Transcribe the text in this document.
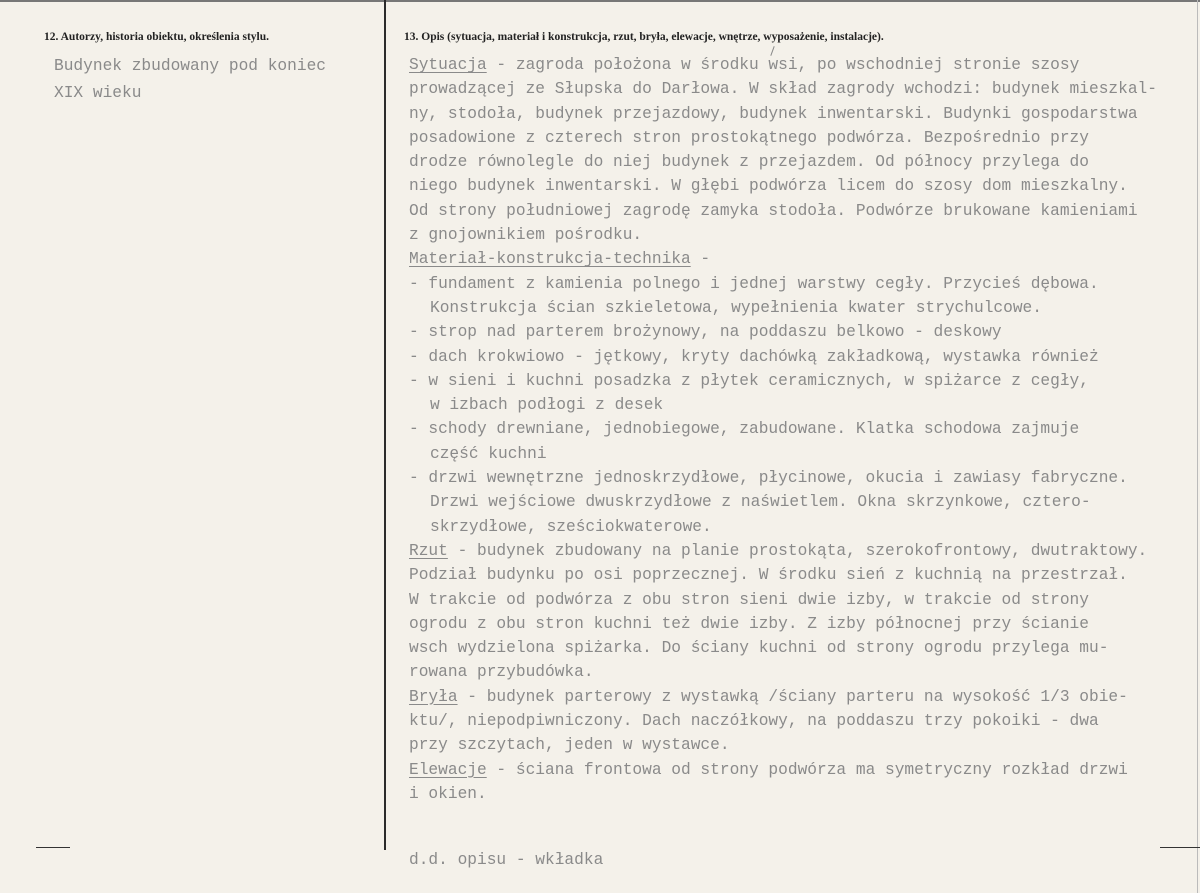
12. Autorzy, historia obiektu, określenia stylu.
Budynek zbudowany pod koniec
XIX wieku
13. Opis (sytuacja, materiał i konstrukcja, rzut, bryła, elewacje, wnętrze, wyposażenie, instalacje).
Sytuacja - zagroda położona w środku wsi, po wschodniej stronie szosy
prowadzącej ze Słupska do Darłowa. W skład zagrody wchodzi: budynek mieszkal-
ny, stodoła, budynek przejazdowy, budynek inwentarski. Budynki gospodarstwa
posadowione z czterech stron prostokątnego podwórza. Bezpośrednio przy
drodze równolegle do niej budynek z przejazdem. Od północy przylega do
niego budynek inwentarski. W głębi podwórza licem do szosy dom mieszkalny.
Od strony południowej zagrodę zamyka stodoła. Podwórze brukowane kamieniami
z gnojownikiem pośrodku.
Materiał-konstrukcja-technika -
- fundament z kamienia polnego i jednej warstwy cegły. Przycieś dębowa.
Konstrukcja ścian szkieletowa, wypełnienia kwater strychulcowe.
- strop nad parterem brożynowy, na poddaszu belkowo - deskowy
- dach krokwiowo - jętkowy, kryty dachówką zakładkową, wystawka również
- w sieni i kuchni posadzka z płytek ceramicznych, w spiżarce z cegły,
w izbach podłogi z desek
- schody drewniane, jednobiegowe, zabudowane. Klatka schodowa zajmuje
część kuchni
- drzwi wewnętrzne jednoskrzydłowe, płycinowe, okucia i zawiasy fabryczne.
Drzwi wejściowe dwuskrzydłowe z naświetlem. Okna skrzynkowe, cztero-
skrzydłowe, sześciokwaterowe.
Rzut - budynek zbudowany na planie prostokąta, szerokofrontowy, dwutraktowy.
Podział budynku po osi poprzecznej. W środku sień z kuchnią na przestrzał.
W trakcie od podwórza z obu stron sieni dwie izby, w trakcie od strony
ogrodu z obu stron kuchni też dwie izby. Z izby północnej przy ścianie
wsch wydzielona spiżarka. Do ściany kuchni od strony ogrodu przylega mu-
rowana przybudówka.
Bryła - budynek parterowy z wystawką /ściany parteru na wysokość 1/3 obie-
ktu/, niepodpiwniczony. Dach naczółkowy, na poddaszu trzy pokoiki - dwa
przy szczytach, jeden w wystawce.
Elewacje - ściana frontowa od strony podwórza ma symetryczny rozkład drzwi
i okien.
d.d. opisu - wkładka
